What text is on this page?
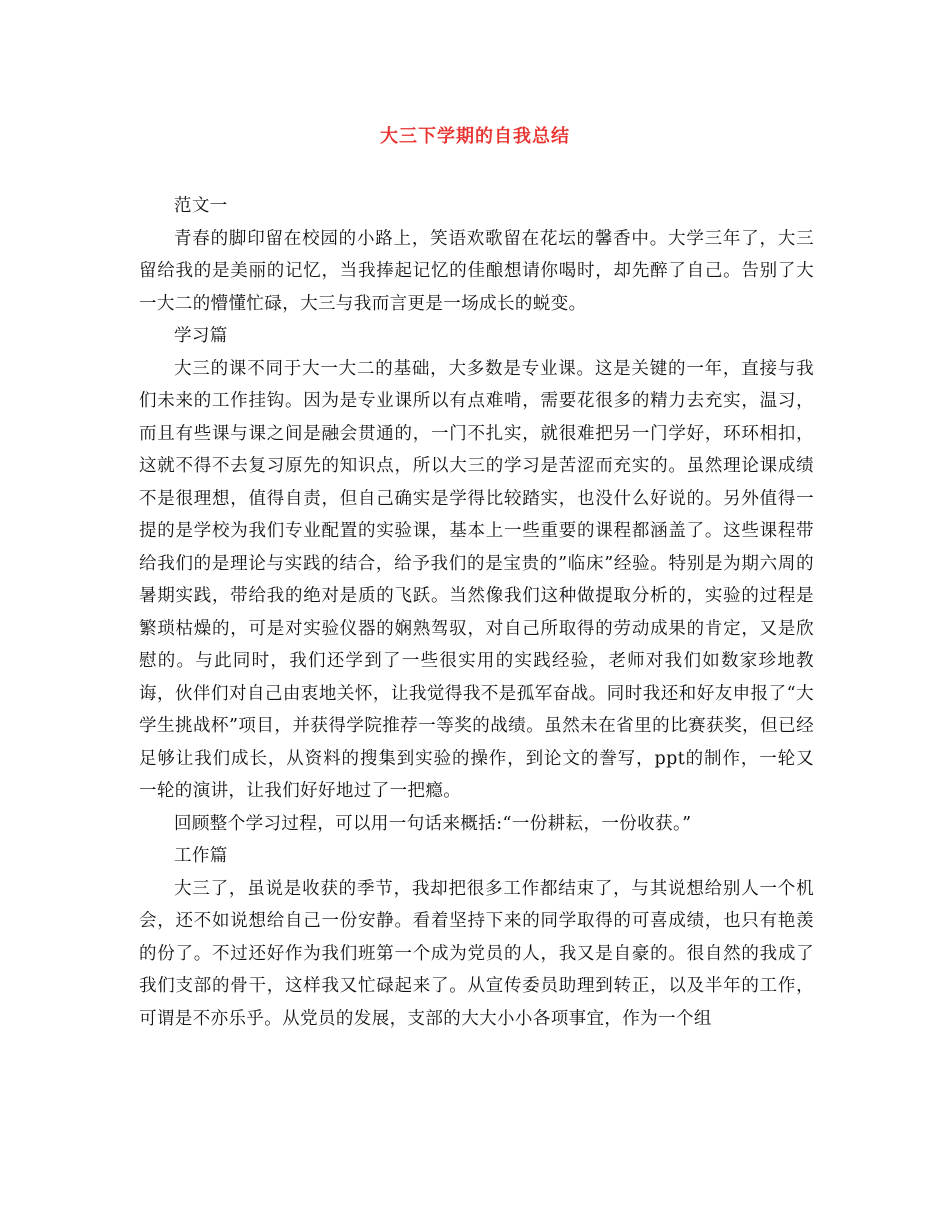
大三下学期的自我总结

范文一

青春的脚印留在校园的小路上，笑语欢歌留在花坛的馨香中。大学三年了，大三留给我的是美丽的记忆，当我捧起记忆的佳酿想请你喝时，却先醉了自己。告别了大一大二的懵懂忙碌，大三与我而言更是一场成长的蜕变。

学习篇

大三的课不同于大一大二的基础，大多数是专业课。这是关键的一年，直接与我们未来的工作挂钩。因为是专业课所以有点难啃，需要花很多的精力去充实，温习，而且有些课与课之间是融会贯通的，一门不扎实，就很难把另一门学好，环环相扣，这就不得不去复习原先的知识点，所以大三的学习是苦涩而充实的。虽然理论课成绩不是很理想，值得自责，但自己确实是学得比较踏实，也没什么好说的。另外值得一提的是学校为我们专业配置的实验课，基本上一些重要的课程都涵盖了。这些课程带给我们的是理论与实践的结合，给予我们的是宝贵的”临床”经验。特别是为期六周的暑期实践，带给我的绝对是质的飞跃。当然像我们这种做提取分析的，实验的过程是繁琐枯燥的，可是对实验仪器的娴熟驾驭，对自己所取得的劳动成果的肯定，又是欣慰的。与此同时，我们还学到了一些很实用的实践经验，老师对我们如数家珍地教诲，伙伴们对自己由衷地关怀，让我觉得我不是孤军奋战。同时我还和好友申报了“大学生挑战杯”项目，并获得学院推荐一等奖的战绩。虽然未在省里的比赛获奖，但已经足够让我们成长，从资料的搜集到实验的操作，到论文的誊写，ppt的制作，一轮又一轮的演讲，让我们好好地过了一把瘾。

回顾整个学习过程，可以用一句话来概括:“一份耕耘，一份收获。”

工作篇

大三了，虽说是收获的季节，我却把很多工作都结束了，与其说想给别人一个机会，还不如说想给自己一份安静。看着坚持下来的同学取得的可喜成绩，也只有艳羡的份了。不过还好作为我们班第一个成为党员的人，我又是自豪的。很自然的我成了我们支部的骨干，这样我又忙碌起来了。从宣传委员助理到转正，以及半年的工作，可谓是不亦乐乎。从党员的发展，支部的大大小小各项事宜，作为一个组
